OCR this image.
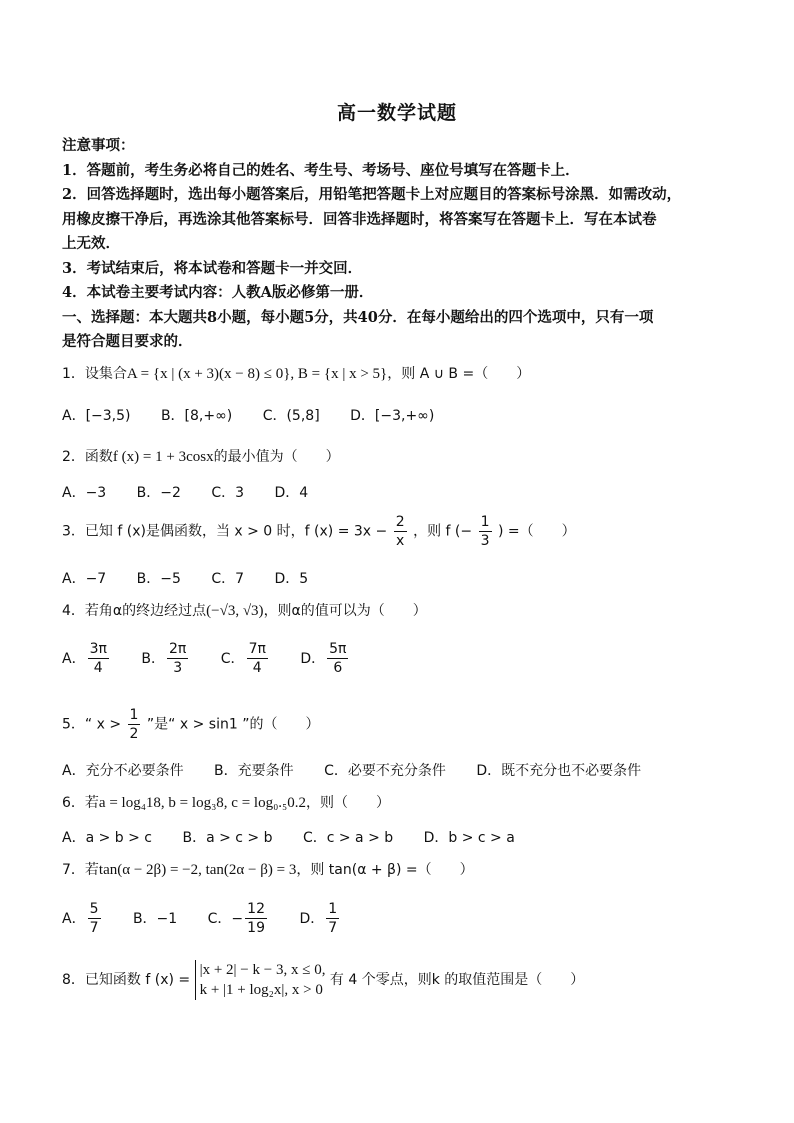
高一数学试题

注意事项：

1．答题前，考生务必将自己的姓名、考生号、考场号、座位号填写在答题卡上．

2．回答选择题时，选出每小题答案后，用铅笔把答题卡上对应题目的答案标号涂黑．如需改动，

用橡皮擦干净后，再选涂其他答案标号．回答非选择题时，将答案写在答题卡上．写在本试卷

上无效．

3．考试结束后，将本试卷和答题卡一并交回．

4．本试卷主要考试内容：人教A版必修第一册．

一、选择题：本大题共8小题，每小题5分，共40分．在每小题给出的四个选项中，只有一项

是符合题目要求的．

1．设集合A = {x | (x + 3)(x − 8) ≤ 0}, B = {x | x > 5}，则 A ∪ B =（　　）
A．[−3,5) B．[8,+∞) C．(5,8] D．[−3,+∞)
2．函数f (x) = 1 + 3cosx的最小值为（　　）
A．−3 B．−2 C．3 D．4
3．已知 f (x)是偶函数，当 x > 0 时，f $(x) = 3x - \frac{2}{x}$ ，则 f (− $\frac{1}{3}$ ) =（　　）
A．−7 B．−5 C．7 D．5
4．若角α的终边经过点(−√3, √3)，则α的值可以为（　　）
A． $\frac{3\pi}{4}$ B． $\frac{2\pi}{3}$ C． $\frac{7\pi}{4}$ D． $\frac{5\pi}{6}$
5．“ $x > \frac{1}{2}$ ”是“ x > sin1 ”的（　　）
A．充分不必要条件 B．充要条件 C．必要不充分条件 D．既不充分也不必要条件
6．若a = log₄18, b = log₃8, c = log₀.₅0.2，则（　　）
A．a > b > c B．a > c > b C．c > a > b D．b > c > a
7．若tan(α − 2β) = −2, tan(2α − β) = 3，则 tan(α + β) =（　　）
A． $\frac{5}{7}$ B．−1 C．− $\frac{12}{19}$ D． $\frac{1}{7}$
8．已知函数 f (x) =
|x + 2| − k − 3, x ≤ 0,
k + |1 + log₂x|, x > 0
有 4 个零点，则k 的取值范围是（　　）
